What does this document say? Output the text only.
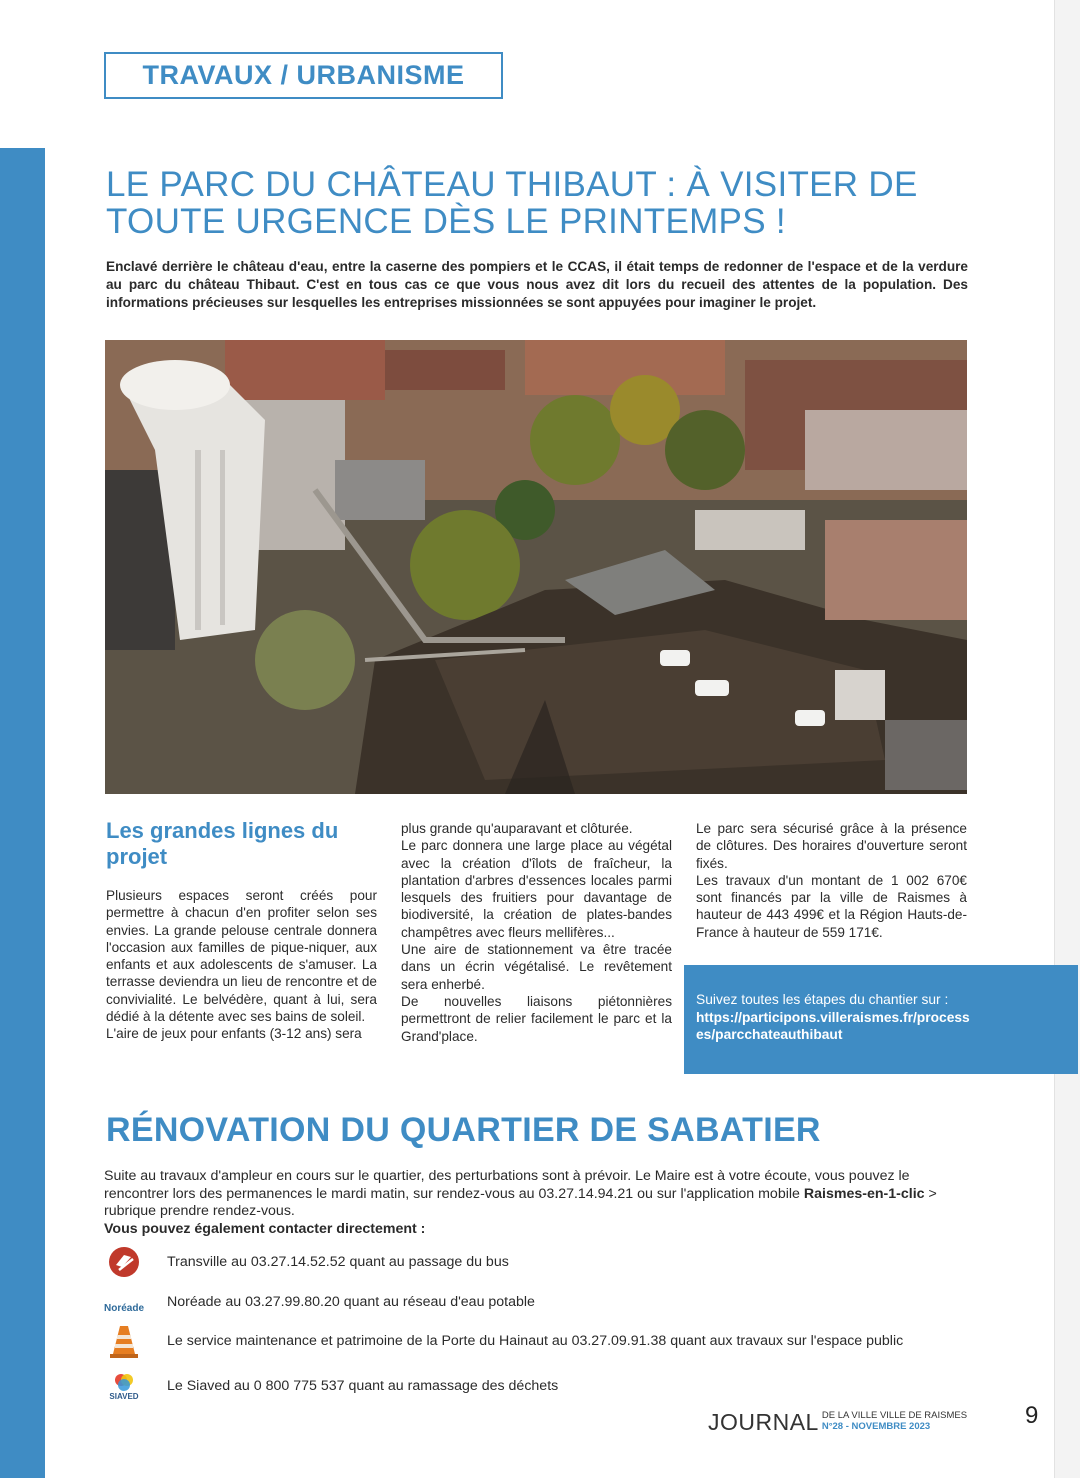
TRAVAUX / URBANISME
LE PARC DU CHÂTEAU THIBAUT : À VISITER DE
TOUTE URGENCE DÈS LE PRINTEMPS !

Enclavé derrière le château d'eau, entre la caserne des pompiers et le CCAS, il était temps de redonner de l'espace et de la verdure au parc du château Thibaut. C'est en tous cas ce que vous nous avez dit lors du recueil des attentes de la population. Des informations précieuses sur lesquelles les entreprises missionnées se sont appuyées pour imaginer le projet.

Les grandes lignes du projet

Plusieurs espaces seront créés pour permettre à chacun d'en profiter selon ses envies. La grande pelouse centrale donnera l'occasion aux familles de pique-niquer, aux enfants et aux adolescents de s'amuser. La terrasse deviendra un lieu de rencontre et de convivialité. Le belvédère, quant à lui, sera dédié à la détente avec ses bains de soleil.

L'aire de jeux pour enfants (3-12 ans) sera

plus grande qu'auparavant et clôturée.

Le parc donnera une large place au végétal avec la création d'îlots de fraîcheur, la plantation d'arbres d'essences locales parmi lesquels des fruitiers pour davantage de biodiversité, la création de plates-bandes champêtres avec fleurs mellifères...

Une aire de stationnement va être tracée dans un écrin végétalisé. Le revêtement sera enherbé.

De nouvelles liaisons piétonnières permettront de relier facilement le parc et la Grand'place.

Le parc sera sécurisé grâce à la présence de clôtures. Des horaires d'ouverture seront fixés.

Les travaux d'un montant de 1 002 670€ sont financés par la ville de Raismes à hauteur de 443 499€ et la Région Hauts-de-France à hauteur de 559 171€.

Suivez toutes les étapes du chantier sur :
https://participons.villeraismes.fr/processes/parcchateauthibaut
RÉNOVATION DU QUARTIER DE SABATIER
Suite au travaux d'ampleur en cours sur le quartier, des perturbations sont à prévoir. Le Maire est à votre écoute, vous pouvez le rencontrer lors des permanences le mardi matin, sur rendez-vous au 03.27.14.94.21 ou sur l'application mobile Raismes-en-1-clic > rubrique prendre rendez-vous.
Vous pouvez également contacter directement :
Transville au 03.27.14.52.52 quant au passage du bus
Noréade Noréade au 03.27.99.80.20 quant au réseau d'eau potable
Le service maintenance et patrimoine de la Porte du Hainaut au 03.27.09.91.38 quant aux travaux sur l'espace public
SIAVED
Le Siaved au 0 800 775 537 quant au ramassage des déchets
JOURNAL DE LA VILLE VILLE DE RAISMES
N°28 - NOVEMBRE 2023	9
